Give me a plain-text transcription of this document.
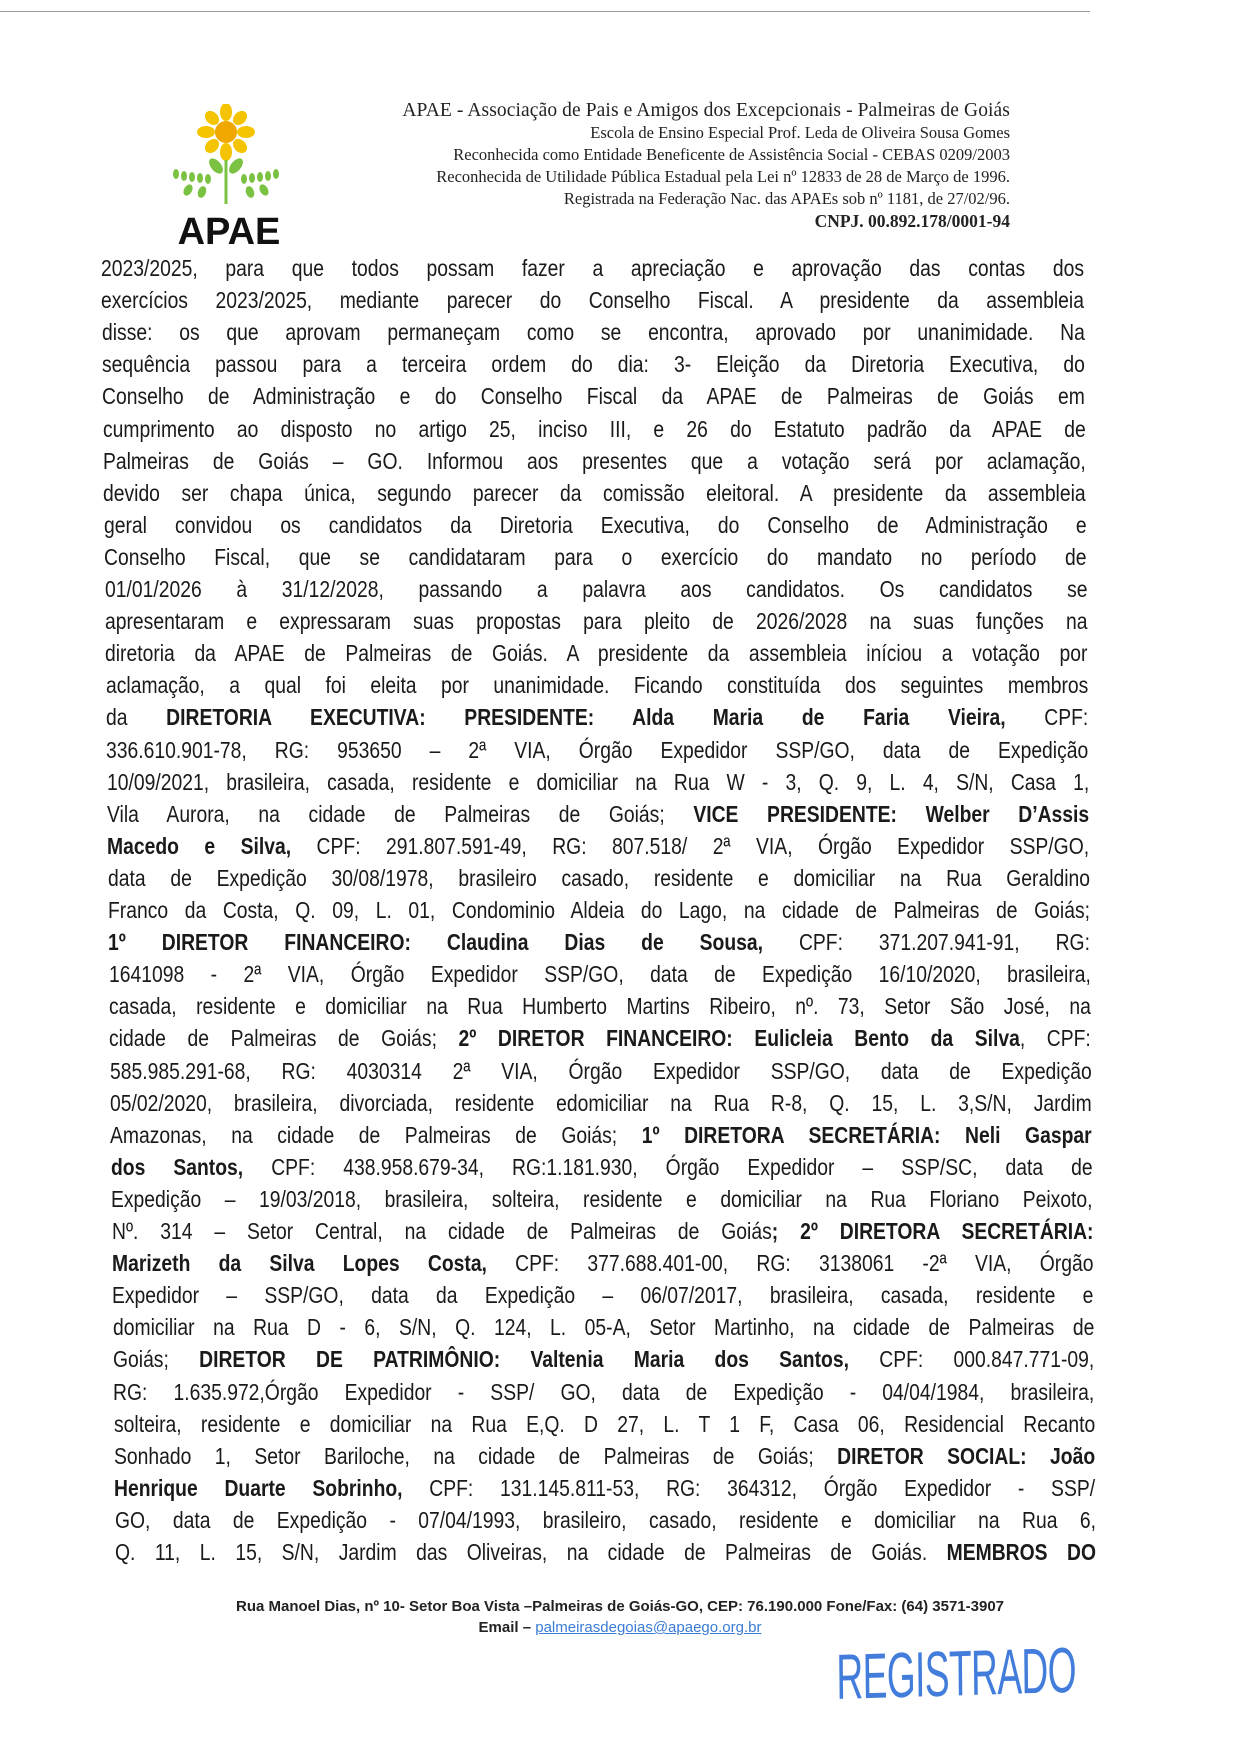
APAE
APAE - Associação de Pais e Amigos dos Excepcionais - Palmeiras de Goiás
Escola de Ensino Especial Prof. Leda de Oliveira Sousa Gomes
Reconhecida como Entidade Beneficente de Assistência Social - CEBAS 0209/2003
Reconhecida de Utilidade Pública Estadual pela Lei nº 12833 de 28 de Março de 1996.
Registrada na Federação Nac. das APAEs sob nº 1181, de 27/02/96.
CNPJ. 00.892.178/0001-94
2023/2025, para que todos possam fazer a apreciação e aprovação das contas dos
exercícios 2023/2025, mediante parecer do Conselho Fiscal. A presidente da assembleia
disse: os que aprovam permaneçam como se encontra, aprovado por unanimidade. Na
sequência passou para a terceira ordem do dia: 3- Eleição da Diretoria Executiva, do
Conselho de Administração e do Conselho Fiscal da APAE de Palmeiras de Goiás em
cumprimento ao disposto no artigo 25, inciso III, e 26 do Estatuto padrão da APAE de
Palmeiras de Goiás – GO. Informou aos presentes que a votação será por aclamação,
devido ser chapa única, segundo parecer da comissão eleitoral. A presidente da assembleia
geral convidou os candidatos da Diretoria Executiva, do Conselho de Administração e
Conselho Fiscal, que se candidataram para o exercício do mandato no período de
01/01/2026 à 31/12/2028, passando a palavra aos candidatos. Os candidatos se
apresentaram e expressaram suas propostas para pleito de 2026/2028 na suas funções na
diretoria da APAE de Palmeiras de Goiás. A presidente da assembleia iníciou a votação por
aclamação, a qual foi eleita por unanimidade. Ficando constituída dos seguintes membros
da DIRETORIA EXECUTIVA: PRESIDENTE: Alda Maria de Faria Vieira, CPF:
336.610.901-78, RG: 953650 – 2ª VIA, Órgão Expedidor SSP/GO, data de Expedição
10/09/2021, brasileira, casada, residente e domiciliar na Rua W - 3, Q. 9, L. 4, S/N, Casa 1,
Vila Aurora, na cidade de Palmeiras de Goiás; VICE PRESIDENTE: Welber D’Assis
Macedo e Silva, CPF: 291.807.591-49, RG: 807.518/ 2ª VIA, Órgão Expedidor SSP/GO,
data de Expedição 30/08/1978, brasileiro casado, residente e domiciliar na Rua Geraldino
Franco da Costa, Q. 09, L. 01, Condominio Aldeia do Lago, na cidade de Palmeiras de Goiás;
1º DIRETOR FINANCEIRO: Claudina Dias de Sousa, CPF: 371.207.941-91, RG:
1641098 - 2ª VIA, Órgão Expedidor SSP/GO, data de Expedição 16/10/2020, brasileira,
casada, residente e domiciliar na Rua Humberto Martins Ribeiro, nº. 73, Setor São José, na
cidade de Palmeiras de Goiás; 2º DIRETOR FINANCEIRO: Eulicleia Bento da Silva, CPF:
585.985.291-68, RG: 4030314 2ª VIA, Órgão Expedidor SSP/GO, data de Expedição
05/02/2020, brasileira, divorciada, residente edomiciliar na Rua R-8, Q. 15, L. 3,S/N, Jardim
Amazonas, na cidade de Palmeiras de Goiás; 1º DIRETORA SECRETÁRIA: Neli Gaspar
dos Santos, CPF: 438.958.679-34, RG:1.181.930, Órgão Expedidor – SSP/SC, data de
Expedição – 19/03/2018, brasileira, solteira, residente e domiciliar na Rua Floriano Peixoto,
Nº. 314 – Setor Central, na cidade de Palmeiras de Goiás; 2º DIRETORA SECRETÁRIA:
Marizeth da Silva Lopes Costa, CPF: 377.688.401-00, RG: 3138061 -2ª VIA, Órgão
Expedidor – SSP/GO, data da Expedição – 06/07/2017, brasileira, casada, residente e
domiciliar na Rua D - 6, S/N, Q. 124, L. 05-A, Setor Martinho, na cidade de Palmeiras de
Goiás; DIRETOR DE PATRIMÔNIO: Valtenia Maria dos Santos, CPF: 000.847.771-09,
RG: 1.635.972,Órgão Expedidor - SSP/ GO, data de Expedição - 04/04/1984, brasileira,
solteira, residente e domiciliar na Rua E,Q. D 27, L. T 1 F, Casa 06, Residencial Recanto
Sonhado 1, Setor Bariloche, na cidade de Palmeiras de Goiás; DIRETOR SOCIAL: João
Henrique Duarte Sobrinho, CPF: 131.145.811-53, RG: 364312, Órgão Expedidor - SSP/
GO, data de Expedição - 07/04/1993, brasileiro, casado, residente e domiciliar na Rua 6,
Q. 11, L. 15, S/N, Jardim das Oliveiras, na cidade de Palmeiras de Goiás. MEMBROS DO
Rua Manoel Dias, nº 10- Setor Boa Vista –Palmeiras de Goiás-GO, CEP: 76.190.000 Fone/Fax: (64) 3571-3907
Email – palmeirasdegoias@apaego.org.br
REGISTRADO
